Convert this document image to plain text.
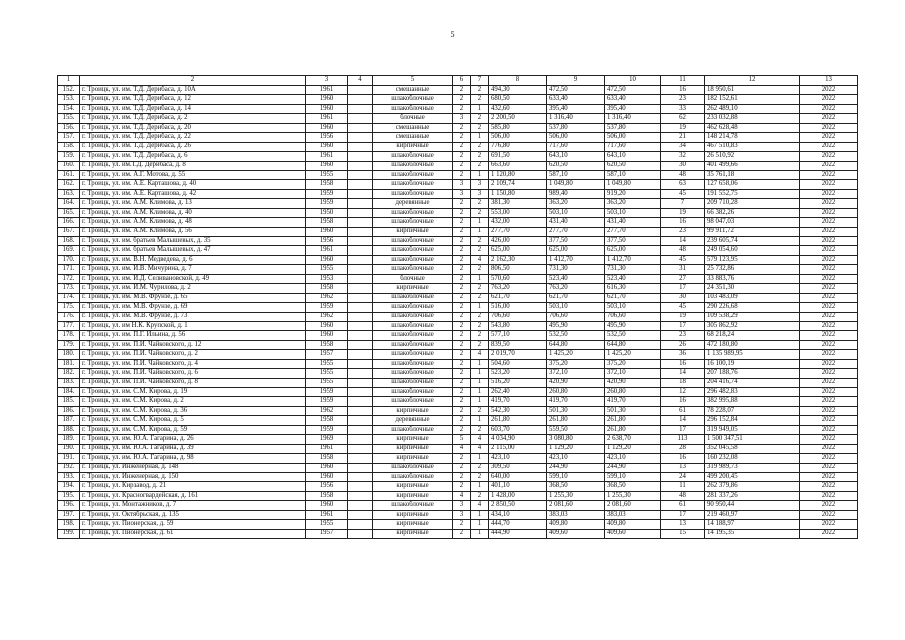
5
1	2	3	4	5	6	7	8	9	10	11	12	13
152.	г. Троицк, ул. им. Т.Д. Дерибаса, д. 10А	1961		смешанные	2	2	494,30	472,50	472,50	16	18 950,61	2022
153.	г. Троицк, ул. им. Т.Д. Дерибаса, д. 12	1960		шлакоблочные	2	2	680,50	633,40	633,40	23	182 152,61	2022
154.	г. Троицк, ул. им. Т.Д. Дерибаса, д. 14	1960		шлакоблочные	2	1	432,60	395,40	395,40	33	262 489,10	2022
155.	г. Троицк, ул. им. Т.Д. Дерибаса, д. 2	1961		блочные	3	2	2 200,50	1 316,40	1 316,40	62	233 032,88	2022
156.	г. Троицк, ул. им. Т.Д. Дерибаса, д. 20	1960		смешанные	2	2	585,80	537,80	537,80	19	462 628,48	2022
157.	г. Троицк, ул. им. Т.Д. Дерибаса, д. 22	1956		смешанные	2	1	506,00	506,00	506,00	21	148 214,78	2022
158.	г. Троицк, ул. им. Т.Д. Дерибаса, д. 26	1960		кирпичные	2	2	776,80	717,60	717,60	34	467 510,83	2022
159.	г. Троицк, ул. им. Т.Д. Дерибаса, д. 6	1961		шлакоблочные	2	2	691,50	643,10	643,10	32	26 510,92	2022
160.	г. Троицк, ул. им.Т.Д. Дерибаса, д. 8	1960		шлакоблочные	2	2	663,60	620,50	620,50	30	401 499,66	2022
161.	г. Троицк, ул. им. А.Г. Мотова, д. 55	1955		шлакоблочные	2	1	1 120,80	587,10	587,10	48	35 761,18	2022
162.	г. Троицк, ул. им. А.Е. Карташова, д. 40	1958		шлакоблочные	3	3	2 109,74	1 049,80	1 049,80	63	127 658,06	2022
163.	г. Троицк, ул. им. А.Е. Карташова, д. 42	1959		шлакоблочные	3	3	1 150,80	989,40	919,20	45	191 552,75	2022
164.	г. Троицк, ул. им. А.М. Климова, д. 13	1959		деревянные	2	2	381,30	363,20	363,20	7	209 710,28	2022
165.	г. Троицк, ул. им. А.М. Климова, д. 40	1950		шлакоблочные	2	2	553,00	503,10	503,10	19	66 382,26	2022
166.	г. Троицк, ул. им. А.М. Климова, д. 48	1958		шлакоблочные	2	1	432,00	431,40	431,40	16	98 047,03	2022
167.	г. Троицк, ул. им. А.М. Климова, д. 56	1960		кирпичные	2	1	277,70	277,70	277,70	23	99 911,72	2022
168.	г. Троицк, ул. им. братьев Малышевых, д. 35	1956		шлакоблочные	2	2	426,00	377,50	377,50	14	239 605,74	2022
169.	г. Троицк, ул. им. братьев Малышевых, д. 47	1961		шлакоблочные	2	2	625,00	625,00	625,00	48	249 054,60	2022
170.	г. Троицк, ул. им. В.Н. Медведева, д. 6	1960		шлакоблочные	2	4	2 162,30	1 412,70	1 412,70	45	579 123,95	2022
171.	г. Троицк, ул. им. И.В. Мичурина, д. 7	1955		шлакоблочные	2	2	806,50	731,30	731,30	31	25 732,86	2022
172.	г. Троицк, ул. им. И.Д. Селивановской, д. 49	1953		блочные	2	1	570,60	523,40	523,40	27	33 883,76	2022
173.	г. Троицк, ул. им. И.М. Чурилова, д. 2	1958		кирпичные	2	2	763,20	763,20	616,30	17	24 351,30	2022
174.	г. Троицк, ул. им. М.В. Фрунзе, д. 65	1962		шлакоблочные	2	2	621,70	621,70	621,70	30	103 483,09	2022
175.	г. Троицк, ул. им. М.В. Фрунзе, д. 69	1959		шлакоблочные	2	1	516,00	503,10	503,10	45	290 226,68	2022
176.	г. Троицк, ул. им. М.В. Фрунзе, д. 73	1962		шлакоблочные	2	2	706,60	706,60	706,60	19	109 538,29	2022
177.	г. Троицк, ул. им Н.К. Крупской, д. 1	1960		шлакоблочные	2	2	543,80	495,90	495,90	17	305 862,92	2022
178.	г. Троицк, ул. им. П.Г. Ильина, д. 56	1960		шлакоблочные	2	2	577,10	532,50	532,50	23	68 218,24	2022
179.	г. Троицк, ул. им. П.И. Чайковского, д. 12	1958		шлакоблочные	2	2	839,50	644,80	644,80	26	472 180,80	2022
180.	г. Троицк, ул. им. П.И. Чайковского, д. 2	1957		шлакоблочные	2	4	2 019,70	1 425,20	1 425,20	36	1 135 989,95	2022
181.	г. Троицк, ул. им. П.И. Чайковского, д. 4	1955		шлакоблочные	2	1	504,60	375,20	375,20	16	16 100,19	2022
182.	г. Троицк, ул. им. П.И. Чайковского, д. 6	1955		шлакоблочные	2	1	523,20	372,10	372,10	14	207 188,76	2022
183.	г. Троицк, ул. им. П.И. Чайковского, д. 8	1955		шлакоблочные	2	1	516,20	420,90	420,90	18	204 416,74	2022
184.	г. Троицк, ул. им. С.М. Кирова, д. 19	1959		шлакоблочные	2	1	262,40	260,80	260,80	12	296 482,83	2022
185.	г. Троицк, ул. им. С.М. Кирова, д. 2	1959		шлакоблочные	2	1	419,70	419,70	419,70	16	382 995,88	2022
186.	г. Троицк, ул. им. С.М. Кирова, д. 36	1962		кирпичные	2	2	542,30	501,30	501,30	61	78 228,07	2022
187.	г. Троицк, ул. им. С.М. Кирова, д. 5	1958		деревянные	2	1	261,80	261,80	261,80	14	296 152,84	2022
188.	г. Троицк, ул. им. С.М. Кирова, д. 59	1959		шлакоблочные	2	2	603,70	559,50	261,80	17	319 949,05	2022
189.	г. Троицк, ул. им. Ю.А. Гагарина, д. 26	1969		кирпичные	5	4	4 034,90	3 080,80	2 638,70	113	1 500 347,51	2022
190.	г. Троицк, ул. им. Ю.А. Гагарина, д. 39	1961		кирпичные	4	4	2 115,00	1 129,20	1 129,20	28	352 045,58	2022
191.	г. Троицк, ул. им. Ю.А. Гагарина, д. 98	1958		кирпичные	2	1	423,10	423,10	423,10	16	160 232,08	2022
192.	г. Троицк, ул. Инженерная, д. 148	1960		шлакоблочные	2	2	309,50	244,90	244,90	13	319 989,73	2022
193.	г. Троицк, ул. Инженерная, д. 150	1960		шлакоблочные	2	2	640,00	599,10	599,10	24	499 200,45	2022
194.	г. Троицк, ул. Кирзавод, д. 21	1956		кирпичные	2	1	401,10	368,50	368,50	11	262 379,86	2022
195.	г. Троицк, ул. Красногвардейская, д. 161	1958		кирпичные	4	2	1 428,00	1 255,30	1 255,30	48	281 337,26	2022
196.	г. Троицк, ул. Монтажников, д. 7	1960		шлакоблочные	3	4	2 850,50	2 081,60	2 081,60	61	90 950,44	2022
197.	г. Троицк, ул. Октябрьская, д. 135	1961		кирпичные	3	1	434,10	383,03	383,03	17	219 460,97	2022
198.	г. Троицк, ул. Пионерская, д. 59	1955		кирпичные	2	1	444,70	409,80	409,80	13	14 188,97	2022
199.	г. Троицк, ул. Пионерская, д. 61	1957		кирпичные	2	1	444,90	409,60	409,60	15	14 195,35	2022
